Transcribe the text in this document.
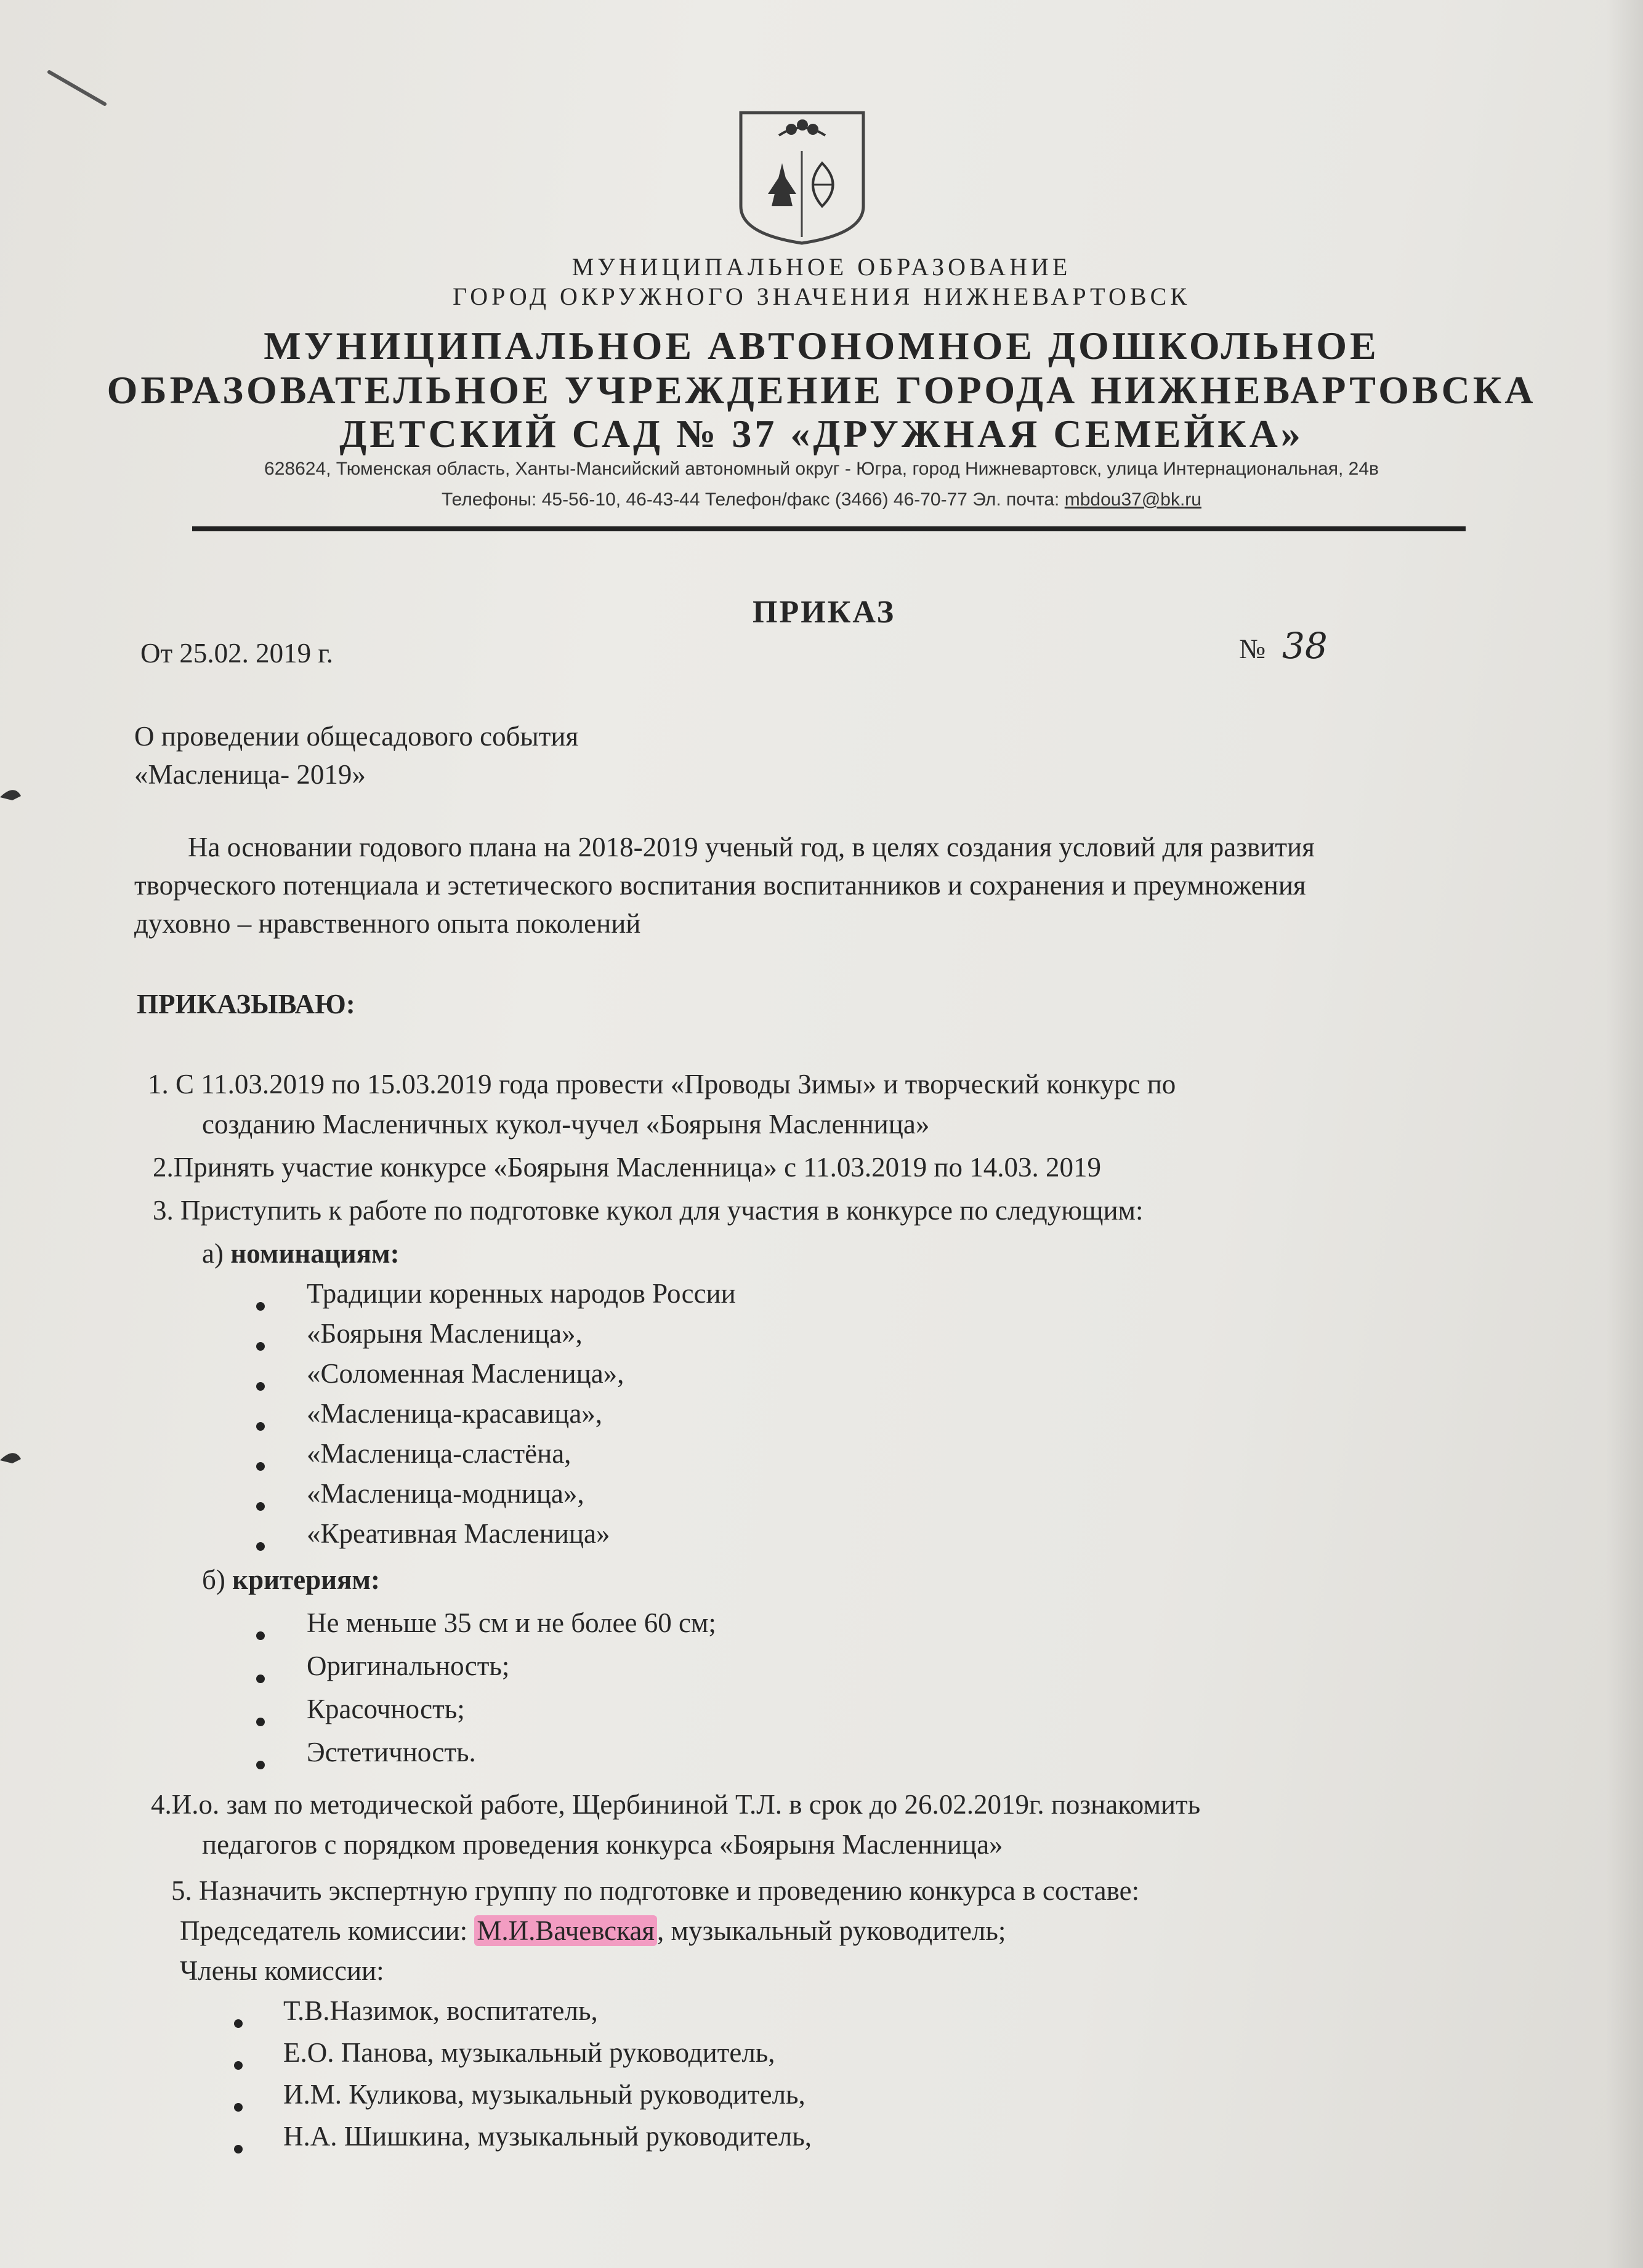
МУНИЦИПАЛЬНОЕ ОБРАЗОВАНИЕ
ГОРОД ОКРУЖНОГО ЗНАЧЕНИЯ НИЖНЕВАРТОВСК
МУНИЦИПАЛЬНОЕ АВТОНОМНОЕ ДОШКОЛЬНОЕ
ОБРАЗОВАТЕЛЬНОЕ УЧРЕЖДЕНИЕ ГОРОДА НИЖНЕВАРТОВСКА
ДЕТСКИЙ САД № 37 «ДРУЖНАЯ СЕМЕЙКА»
628624, Тюменская область, Ханты-Мансийский автономный округ - Югра, город Нижневартовск, улица Интернациональная, 24в
Телефоны: 45-56-10, 46-43-44 Телефон/факс (3466) 46-70-77 Эл. почта: mbdou37@bk.ru
ПРИКАЗ
От 25.02. 2019 г.	№ 38
О проведении общесадового события
«Масленица- 2019»
На основании годового плана на 2018-2019 ученый год, в целях создания условий для развития
творческого потенциала и эстетического воспитания воспитанников и сохранения и преумножения
духовно – нравственного опыта поколений
ПРИКАЗЫВАЮ:
1. С 11.03.2019 по 15.03.2019 года провести «Проводы Зимы» и творческий конкурс по
созданию Масленичных кукол-чучел «Боярыня Масленница»
2.Принять участие конкурсе «Боярыня Масленница» с 11.03.2019 по 14.03. 2019
3. Приступить к работе по подготовке кукол для участия в конкурсе по следующим:
а) номинациям:
Традиции коренных народов России
«Боярыня Масленица»,
«Соломенная Масленица»,
«Масленица-красавица»,
«Масленица-сластёна,
«Масленица-модница»,
«Креативная Масленица»
б) критериям:
Не меньше 35 см и не более 60 см;
Оригинальность;
Красочность;
Эстетичность.
4.И.о. зам по методической работе, Щербининой Т.Л. в срок до 26.02.2019г. познакомить
педагогов с порядком проведения конкурса «Боярыня Масленница»
5. Назначить экспертную группу по подготовке и проведению конкурса в составе:
Председатель комиссии: М.И.Вачевская, музыкальный руководитель;
Члены комиссии:
Т.В.Назимок, воспитатель,
Е.О. Панова, музыкальный руководитель,
И.М. Куликова, музыкальный руководитель,
Н.А. Шишкина, музыкальный руководитель,
